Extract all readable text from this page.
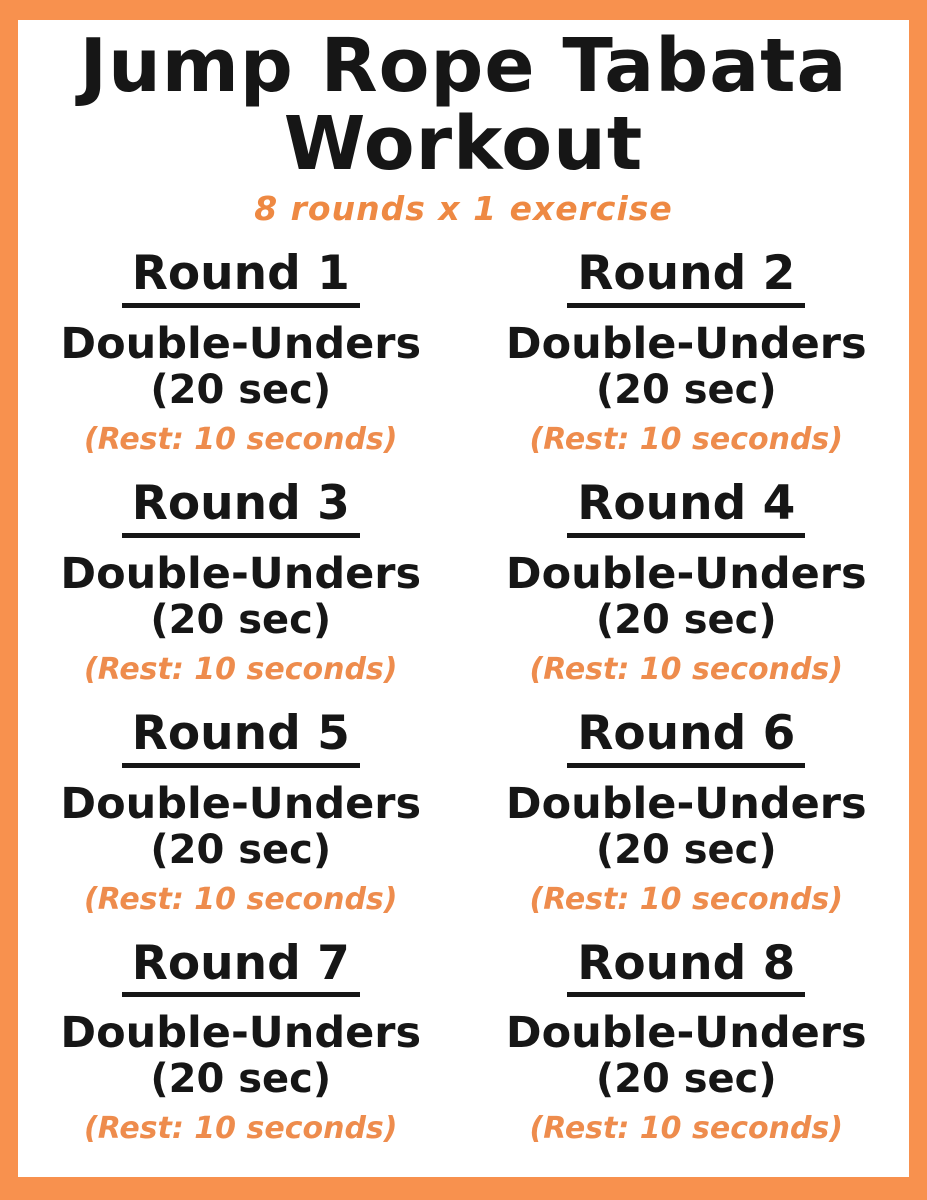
Jump Rope Tabata
Workout
8 rounds x 1 exercise
Round 1
Double-Unders
(20 sec)
(Rest: 10 seconds)
Round 2
Double-Unders
(20 sec)
(Rest: 10 seconds)
Round 3
Double-Unders
(20 sec)
(Rest: 10 seconds)
Round 4
Double-Unders
(20 sec)
(Rest: 10 seconds)
Round 5
Double-Unders
(20 sec)
(Rest: 10 seconds)
Round 6
Double-Unders
(20 sec)
(Rest: 10 seconds)
Round 7
Double-Unders
(20 sec)
(Rest: 10 seconds)
Round 8
Double-Unders
(20 sec)
(Rest: 10 seconds)
